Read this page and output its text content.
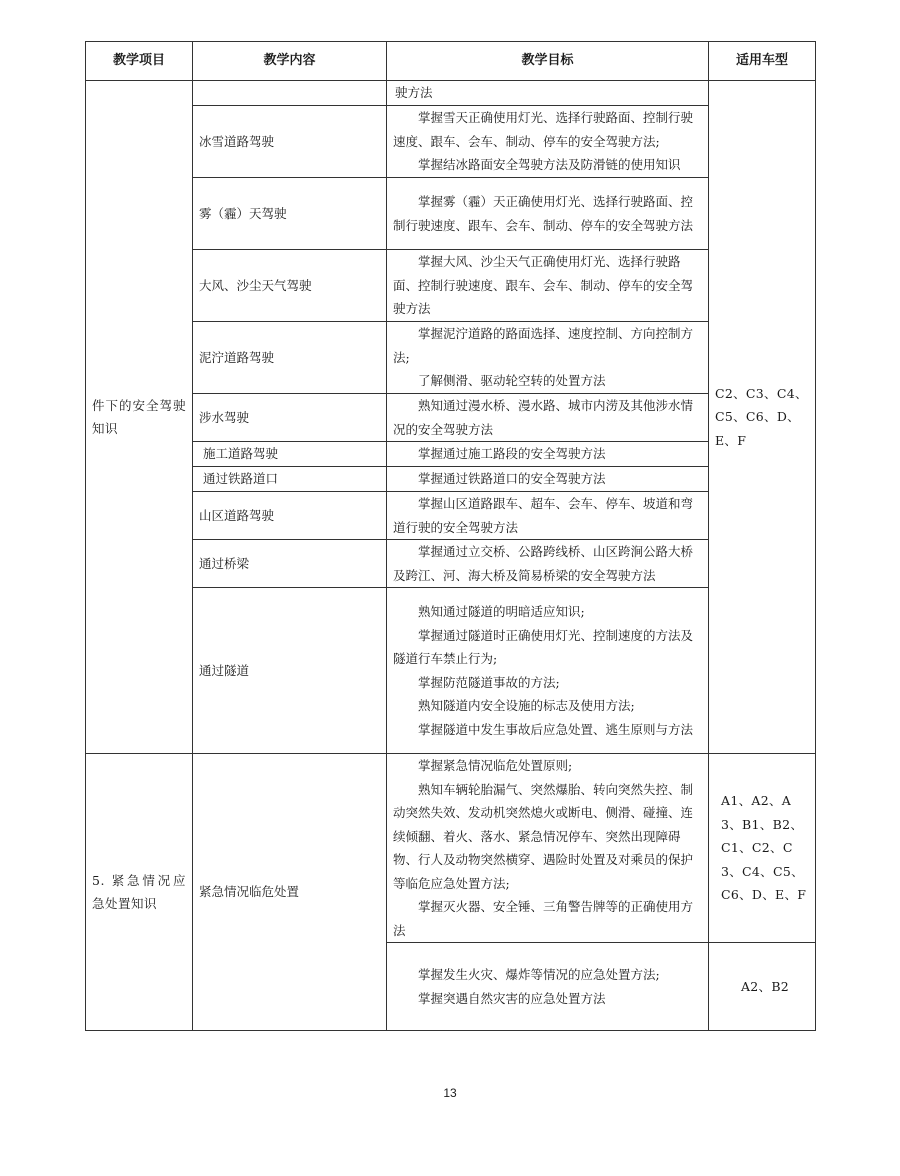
教学项目	教学内容	教学目标	适用车型
件下的安全驾驶知识		驶方法	C2、C3、C4、C5、C6、D、E、F
	冰雪道路驾驶	掌握雪天正确使用灯光、选择行驶路面、控制行驶速度、跟车、会车、制动、停车的安全驾驶方法;

掌握结冰路面安全驾驶方法及防滑链的使用知识	

	雾（霾）天驾驶	掌握雾（霾）天正确使用灯光、选择行驶路面、控制行驶速度、跟车、会车、制动、停车的安全驾驶方法	

	大风、沙尘天气驾驶	掌握大风、沙尘天气正确使用灯光、选择行驶路面、控制行驶速度、跟车、会车、制动、停车的安全驾驶方法	

	泥泞道路驾驶	掌握泥泞道路的路面选择、速度控制、方向控制方法;

了解侧滑、驱动轮空转的处置方法	

	涉水驾驶	熟知通过漫水桥、漫水路、城市内涝及其他涉水情况的安全驾驶方法	

	施工道路驾驶	掌握通过施工路段的安全驾驶方法	

	通过铁路道口	掌握通过铁路道口的安全驾驶方法	

	山区道路驾驶	掌握山区道路跟车、超车、会车、停车、坡道和弯道行驶的安全驾驶方法	

	通过桥梁	掌握通过立交桥、公路跨线桥、山区跨涧公路大桥及跨江、河、海大桥及简易桥梁的安全驾驶方法	

	通过隧道	熟知通过隧道的明暗适应知识;

掌握通过隧道时正确使用灯光、控制速度的方法及隧道行车禁止行为;

掌握防范隧道事故的方法;

熟知隧道内安全设施的标志及使用方法;

掌握隧道中发生事故后应急处置、逃生原则与方法	

5. 紧急情况应急处置知识	紧急情况临危处置	掌握紧急情况临危处置原则;

熟知车辆轮胎漏气、突然爆胎、转向突然失控、制动突然失效、发动机突然熄火或断电、侧滑、碰撞、连续倾翻、着火、落水、紧急情况停车、突然出现障碍物、行人及动物突然横穿、遇险时处置及对乘员的保护等临危应急处置方法;

掌握灭火器、安全锤、三角警告牌等的正确使用方法	A1、A2、A3、B1、B2、C1、C2、C3、C4、C5、C6、D、E、F

		掌握发生火灾、爆炸等情况的应急处置方法;

掌握突遇自然灾害的应急处置方法	A2、B2
13
